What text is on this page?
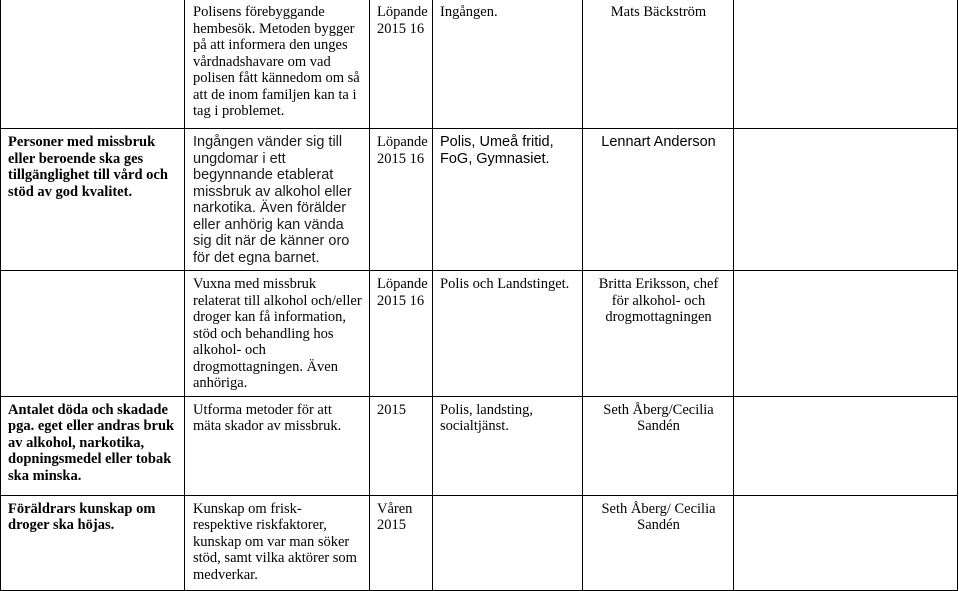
	Polisens förebyggande hembesök. Metoden bygger på att informera den unges vårdnadshavare om vad polisen fått kännedom om så att de inom familjen kan ta i tag i problemet.	Löpande 2015 16	Ingången.	Mats Bäckström	
Personer med missbruk eller beroende ska ges tillgänglighet till vård och stöd av god kvalitet.	Ingången vänder sig till ungdomar i ett begynnande etablerat missbruk av alkohol eller narkotika. Även förälder eller anhörig kan vända sig dit när de känner oro för det egna barnet.	Löpande 2015 16	Polis, Umeå fritid, FoG, Gymnasiet.	Lennart Anderson	
	Vuxna med missbruk relaterat till alkohol och/eller droger kan få information, stöd och behandling hos alkohol- och drogmottagningen. Även anhöriga.	Löpande 2015 16	Polis och Landstinget.	Britta Eriksson, chef för alkohol- och drogmottagningen	
Antalet döda och skadade pga. eget eller andras bruk av alkohol, narkotika, dopningsmedel eller tobak ska minska.	Utforma metoder för att mäta skador av missbruk.	2015	Polis, landsting, socialtjänst.	Seth Åberg/Cecilia Sandén	
Föräldrars kunskap om droger ska höjas.	Kunskap om frisk- respektive riskfaktorer, kunskap om var man söker stöd, samt vilka aktörer som medverkar.	Våren 2015		Seth Åberg/ Cecilia Sandén	
